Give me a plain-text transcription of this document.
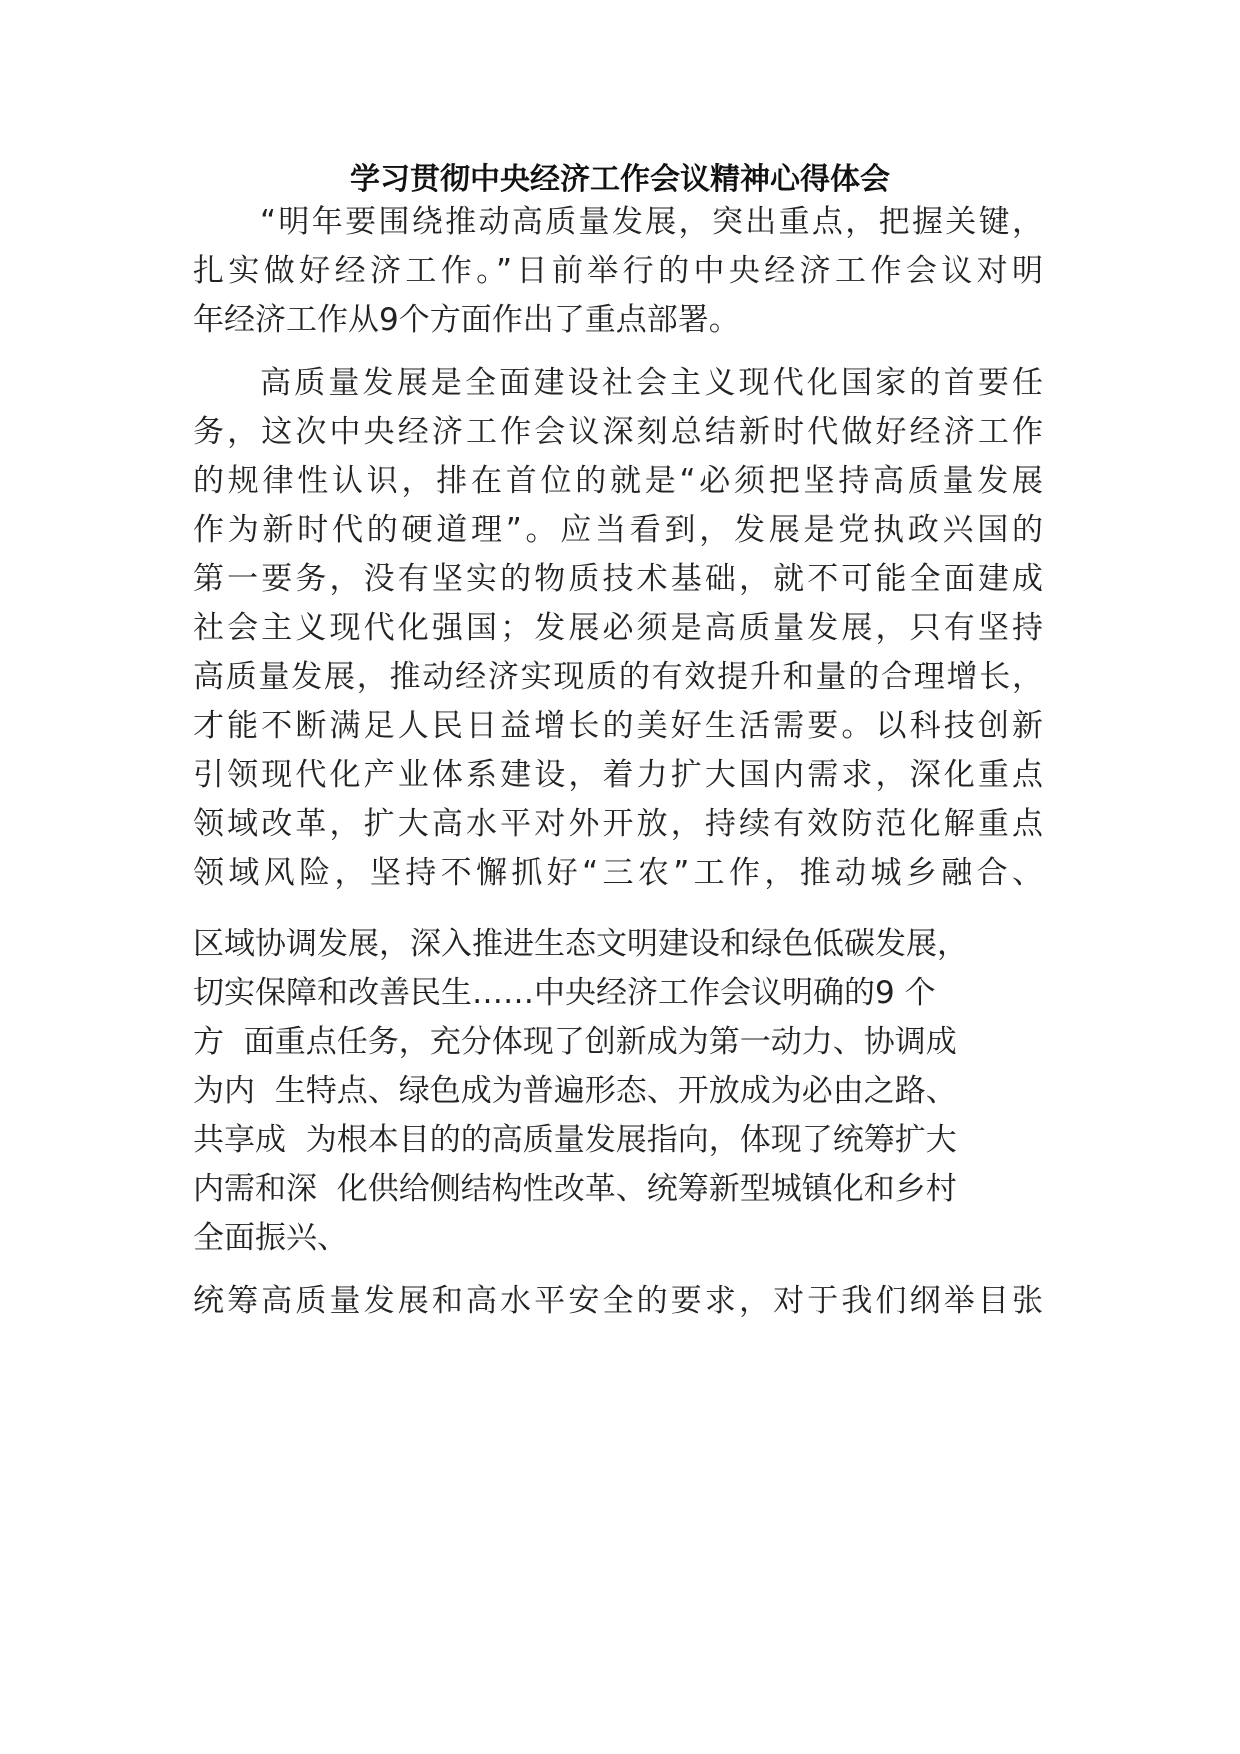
学习贯彻中央经济工作会议精神心得体会
“明年要围绕推动高质量发展，突出重点，把握关键，
扎实做好经济工作。”日前举行的中央经济工作会议对明
年经济工作从9个方面作出了重点部署。
高质量发展是全面建设社会主义现代化国家的首要任
务，这次中央经济工作会议深刻总结新时代做好经济工作
的规律性认识，排在首位的就是“必须把坚持高质量发展
作为新时代的硬道理”。应当看到，发展是党执政兴国的
第一要务，没有坚实的物质技术基础，就不可能全面建成
社会主义现代化强国；发展必须是高质量发展，只有坚持
高质量发展，推动经济实现质的有效提升和量的合理增长，
才能不断满足人民日益增长的美好生活需要。以科技创新
引领现代化产业体系建设，着力扩大国内需求，深化重点
领域改革，扩大高水平对外开放，持续有效防范化解重点
领域风险，坚持不懈抓好“三农”工作，推动城乡融合、
区域协调发展，深入推进生态文明建设和绿色低碳发展，
切实保障和改善民生……中央经济工作会议明确的9 个
方  面重点任务，充分体现了创新成为第一动力、协调成
为内  生特点、绿色成为普遍形态、开放成为必由之路、
共享成  为根本目的的高质量发展指向，体现了统筹扩大
内需和深  化供给侧结构性改革、统筹新型城镇化和乡村
全面振兴、
统筹高质量发展和高水平安全的要求，对于我们纲举目张
